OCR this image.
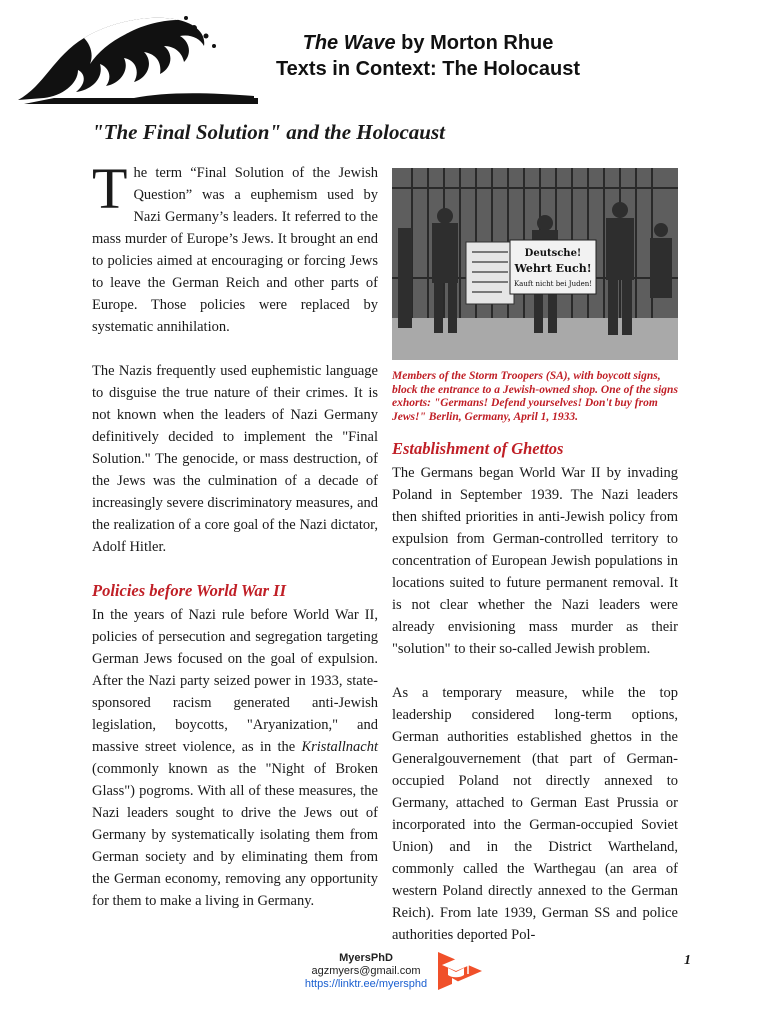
The Wave by Morton Rhue
Texts in Context: The Holocaust
"The Final Solution" and the Holocaust

The term “Final Solution of the Jewish Question” was a euphemism used by Nazi Germany’s leaders. It referred to the mass murder of Europe’s Jews. It brought an end to policies aimed at encouraging or forcing Jews to leave the German Reich and other parts of Europe. Those policies were replaced by systematic annihilation.

The Nazis frequently used euphemistic language to disguise the true nature of their crimes. It is not known when the leaders of Nazi Germany definitively decided to implement the "Final Solution." The genocide, or mass destruction, of the Jews was the culmination of a decade of increasingly severe discriminatory measures, and the realization of a core goal of the Nazi dictator, Adolf Hitler.

Policies before World War II

In the years of Nazi rule before World War II, policies of persecution and segregation targeting German Jews focused on the goal of expulsion. After the Nazi party seized power in 1933, state-sponsored racism generated anti-Jewish legislation, boycotts, "Aryanization," and massive street violence, as in the Kristallnacht (commonly known as the "Night of Broken Glass") pogroms. With all of these measures, the Nazi leaders sought to drive the Jews out of Germany by systematically isolating them from German society and by eliminating them from the German economy, removing any opportunity for them to make a living in Germany.

Deutsche!
Wehrt Euch!
Kauft nicht bei Juden!
Members of the Storm Troopers (SA), with boycott signs, block the entrance to a Jewish-owned shop. One of the signs exhorts: "Germans! Defend yourselves! Don't buy from Jews!" Berlin, Germany, April 1, 1933.
Establishment of Ghettos

The Germans began World War II by invading Poland in September 1939. The Nazi leaders then shifted priorities in anti-Jewish policy from expulsion from German-controlled territory to concentration of European Jewish populations in locations suited to future permanent removal. It is not clear whether the Nazi leaders were already envisioning mass murder as their "solution" to their so-called Jewish problem.

As a temporary measure, while the top leadership considered long-term options, German authorities established ghettos in the Generalgouvernement (that part of German-occupied Poland not directly annexed to Germany, attached to German East Prussia or incorporated into the German-occupied Soviet Union) and in the District Wartheland, commonly called the Warthegau (an area of western Poland directly annexed to the German Reich). From late 1939, German SS and police authorities deported Pol-

MyersPhD
agzmyers@gmail.com
https://linktr.ee/myersphd
1
